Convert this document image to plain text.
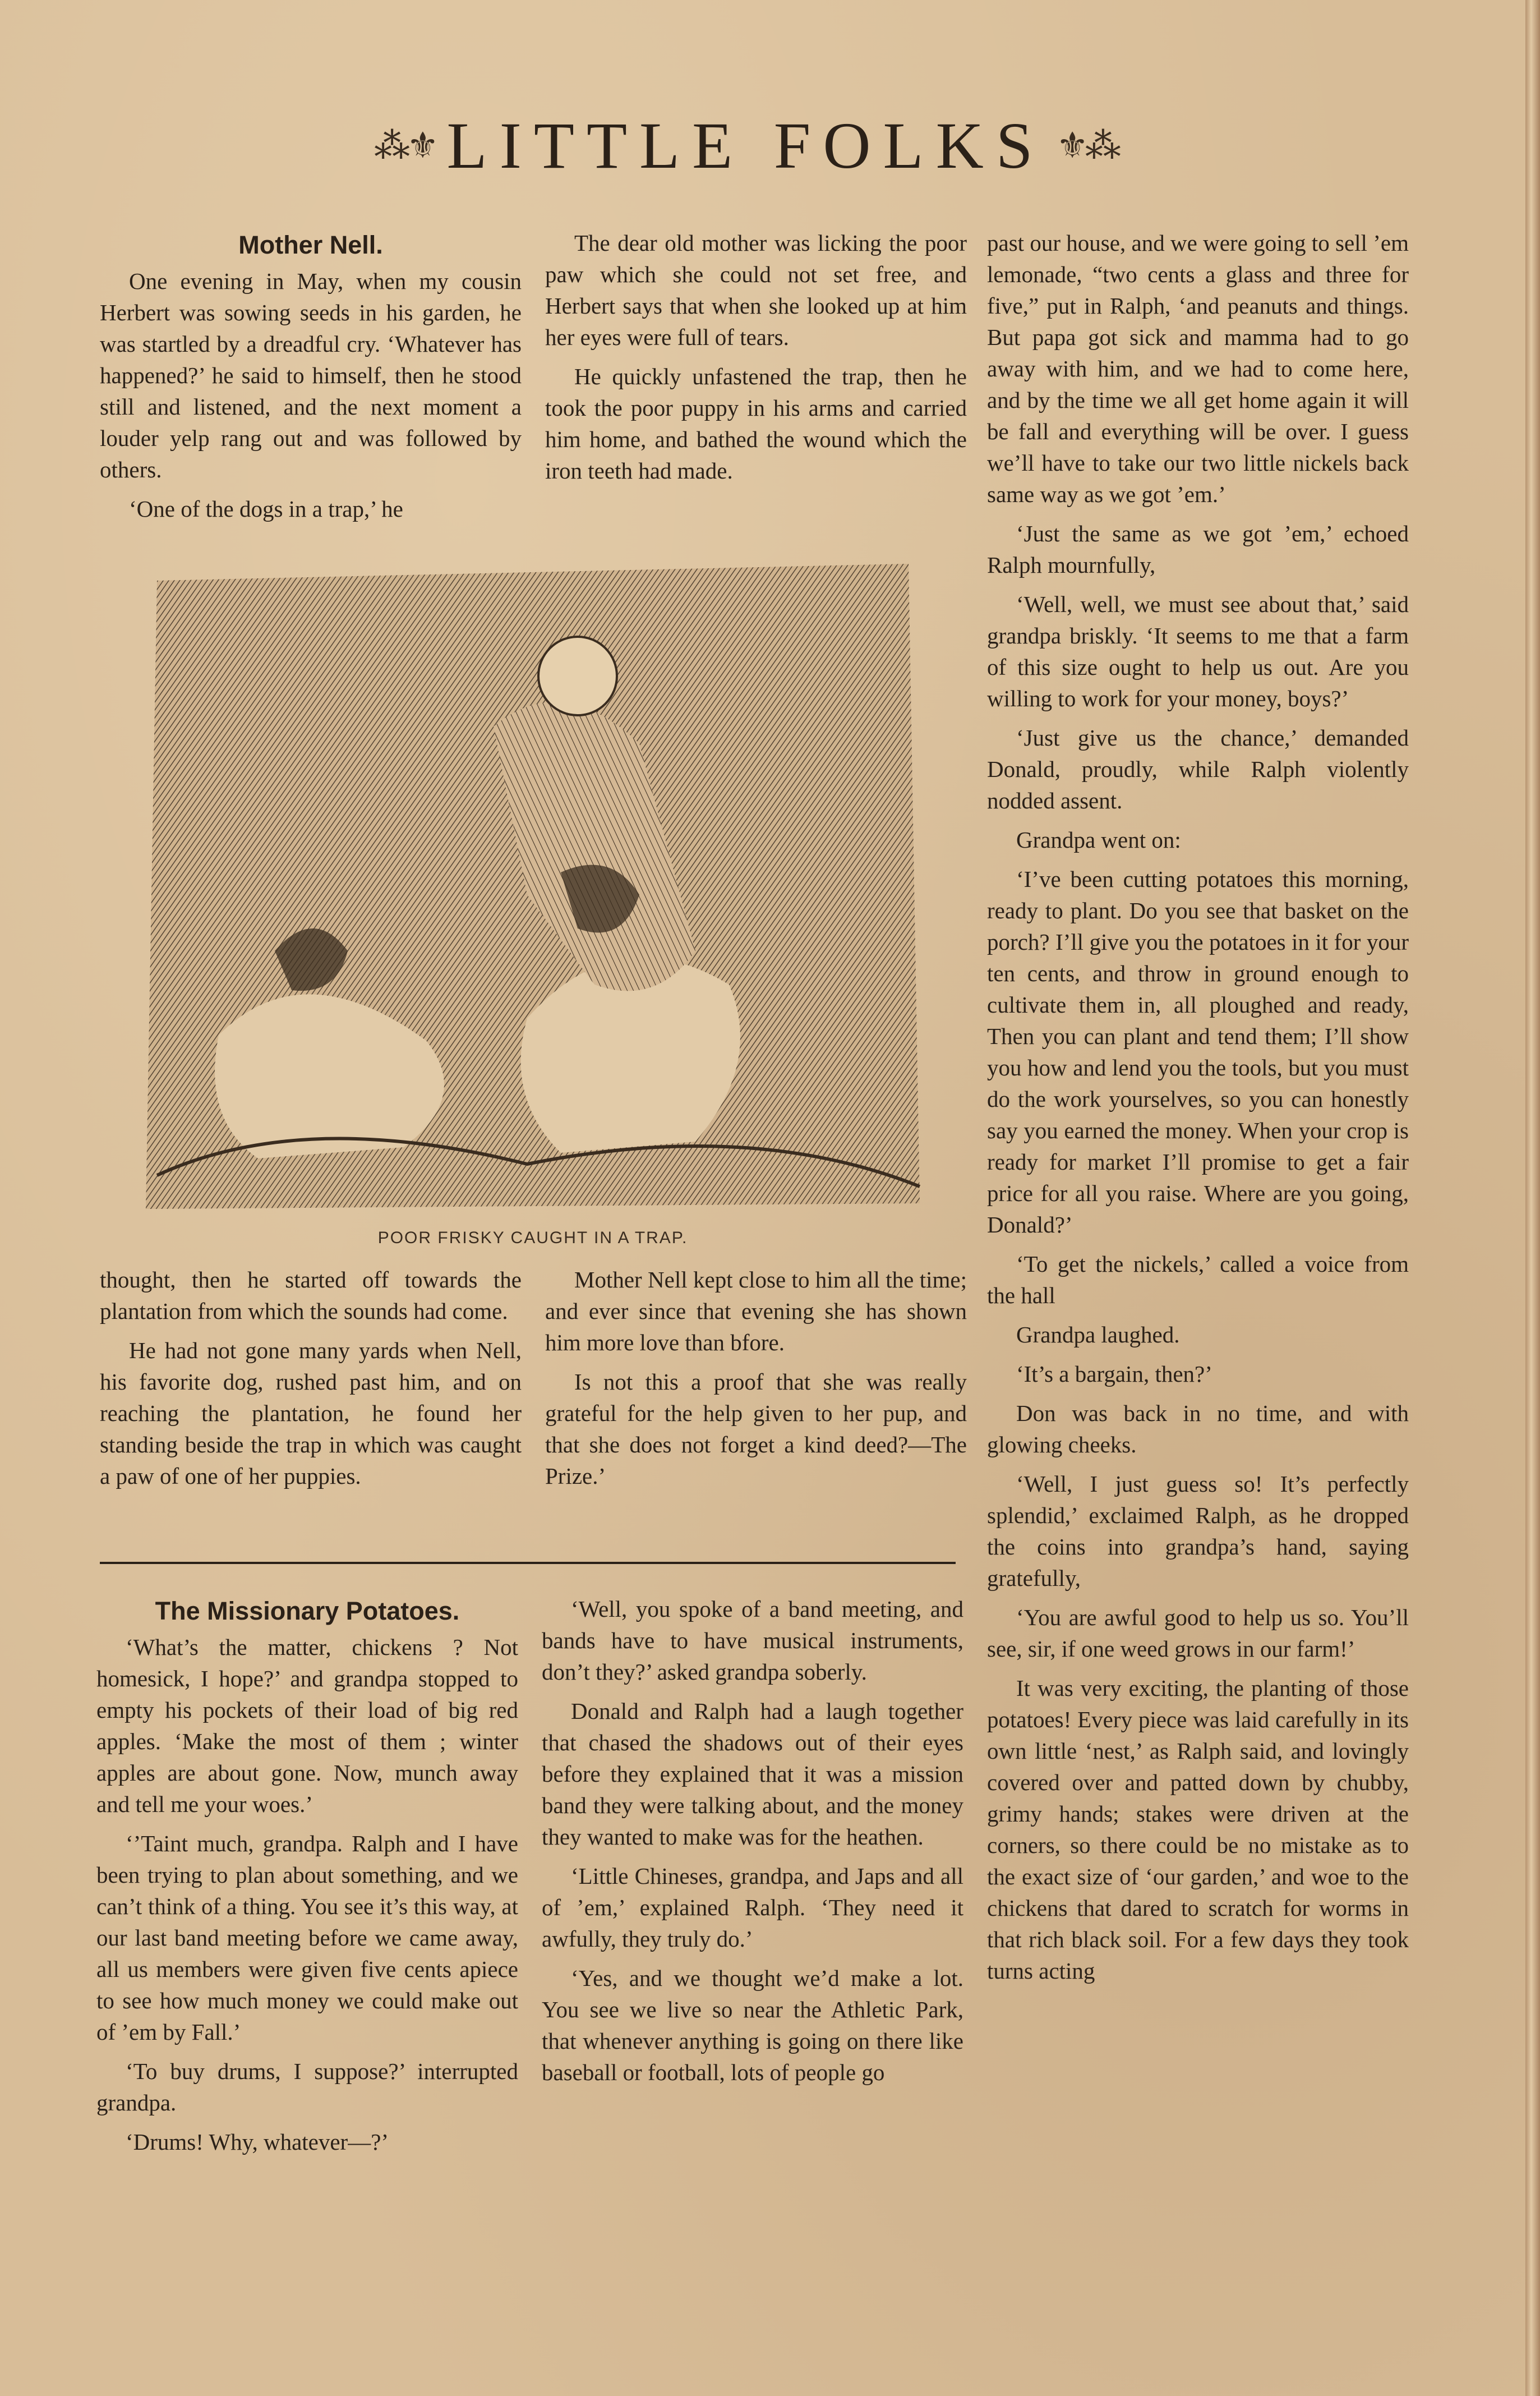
⁂⚜ LITTLE FOLKS ⚜⁂
Mother Nell.

One evening in May, when my cousin Herbert was sowing seeds in his garden, he was startled by a dreadful cry. ‘Whatever has happened?’ he said to himself, then he stood still and listened, and the next moment a louder yelp rang out and was followed by others.

‘One of the dogs in a trap,’ he

The dear old mother was licking the poor paw which she could not set free, and Herbert says that when she looked up at him her eyes were full of tears.

He quickly unfastened the trap, then he took the poor puppy in his arms and carried him home, and bathed the wound which the iron teeth had made.

POOR FRISKY CAUGHT IN A TRAP.

thought, then he started off towards the plantation from which the sounds had come.

He had not gone many yards when Nell, his favorite dog, rushed past him, and on reaching the plantation, he found her standing beside the trap in which was caught a paw of one of her puppies.

Mother Nell kept close to him all the time; and ever since that evening she has shown him more love than bfore.

Is not this a proof that she was really grateful for the help given to her pup, and that she does not forget a kind deed?—The Prize.’

The Missionary Potatoes.

‘What’s the matter, chickens ? Not homesick, I hope?’ and grandpa stopped to empty his pockets of their load of big red apples. ‘Make the most of them ; winter apples are about gone. Now, munch away and tell me your woes.’

‘’Taint much, grandpa. Ralph and I have been trying to plan about something, and we can’t think of a thing. You see it’s this way, at our last band meeting before we came away, all us members were given five cents apiece to see how much money we could make out of ’em by Fall.’

‘To buy drums, I suppose?’ interrupted grandpa.

‘Drums! Why, whatever—?’

‘Well, you spoke of a band meeting, and bands have to have musical instruments, don’t they?’ asked grandpa soberly.

Donald and Ralph had a laugh together that chased the shadows out of their eyes before they explained that it was a mission band they were talking about, and the money they wanted to make was for the heathen.

‘Little Chineses, grandpa, and Japs and all of ’em,’ explained Ralph. ‘They need it awfully, they truly do.’

‘Yes, and we thought we’d make a lot. You see we live so near the Athletic Park, that whenever anything is going on there like baseball or football, lots of people go

past our house, and we were going to sell ’em lemonade, “two cents a glass and three for five,” put in Ralph, ‘and peanuts and things. But papa got sick and mamma had to go away with him, and we had to come here, and by the time we all get home again it will be fall and everything will be over. I guess we’ll have to take our two little nickels back same way as we got ’em.’

‘Just the same as we got ’em,’ echoed Ralph mournfully,

‘Well, well, we must see about that,’ said grandpa briskly. ‘It seems to me that a farm of this size ought to help us out. Are you willing to work for your money, boys?’

‘Just give us the chance,’ demanded Donald, proudly, while Ralph violently nodded assent.

Grandpa went on:

‘I’ve been cutting potatoes this morning, ready to plant. Do you see that basket on the porch? I’ll give you the potatoes in it for your ten cents, and throw in ground enough to cultivate them in, all ploughed and ready, Then you can plant and tend them; I’ll show you how and lend you the tools, but you must do the work yourselves, so you can honestly say you earned the money. When your crop is ready for market I’ll promise to get a fair price for all you raise. Where are you going, Donald?’

‘To get the nickels,’ called a voice from the hall

Grandpa laughed.

‘It’s a bargain, then?’

Don was back in no time, and with glowing cheeks.

‘Well, I just guess so! It’s perfectly splendid,’ exclaimed Ralph, as he dropped the coins into grandpa’s hand, saying gratefully,

‘You are awful good to help us so. You’ll see, sir, if one weed grows in our farm!’

It was very exciting, the planting of those potatoes! Every piece was laid carefully in its own little ‘nest,’ as Ralph said, and lovingly covered over and patted down by chubby, grimy hands; stakes were driven at the corners, so there could be no mistake as to the exact size of ‘our garden,’ and woe to the chickens that dared to scratch for worms in that rich black soil. For a few days they took turns acting
